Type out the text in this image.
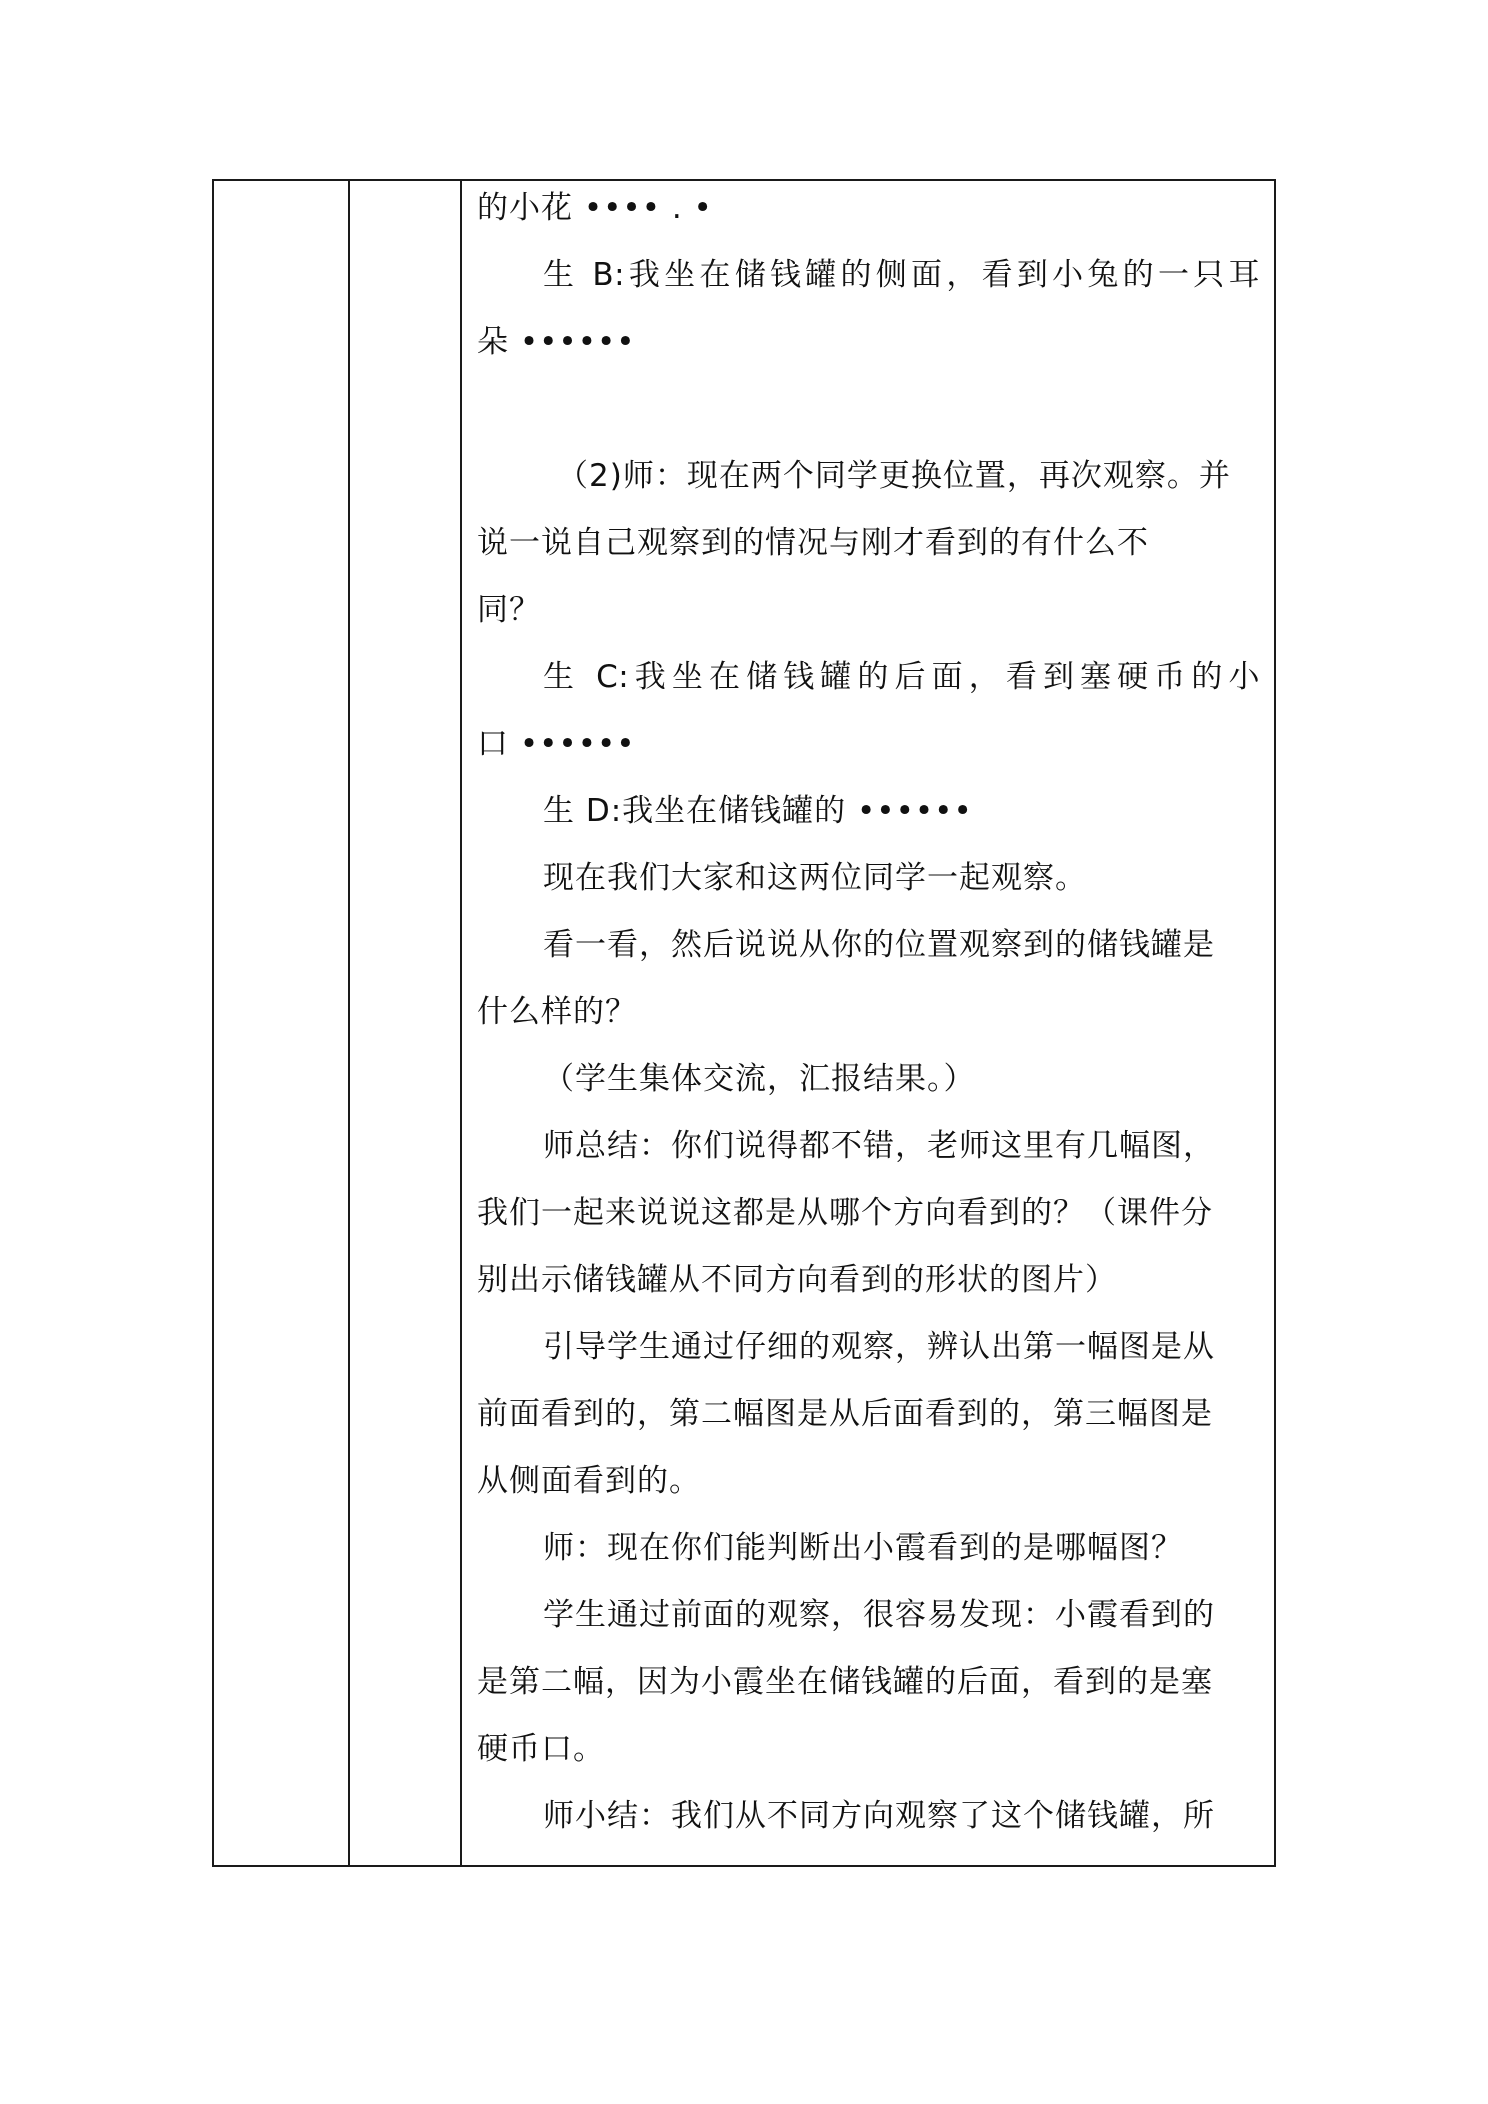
的小花 •••• . •
生 B:我坐在储钱罐的侧面，看到小兔的一只耳
朵 ••••••
（2)师：现在两个同学更换位置，再次观察。并
说一说自己观察到的情况与刚才看到的有什么不
同？
生 C:我坐在储钱罐的后面，看到塞硬币的小
口 ••••••
生 D:我坐在储钱罐的 ••••••
现在我们大家和这两位同学一起观察。
看一看，然后说说从你的位置观察到的储钱罐是
什么样的？
（学生集体交流，汇报结果。）
师总结：你们说得都不错，老师这里有几幅图，
我们一起来说说这都是从哪个方向看到的？（课件分
别出示储钱罐从不同方向看到的形状的图片）
引导学生通过仔细的观察，辨认出第一幅图是从
前面看到的，第二幅图是从后面看到的，第三幅图是
从侧面看到的。
师：现在你们能判断出小霞看到的是哪幅图？
学生通过前面的观察，很容易发现：小霞看到的
是第二幅，因为小霞坐在储钱罐的后面，看到的是塞
硬币口。
师小结：我们从不同方向观察了这个储钱罐，所
